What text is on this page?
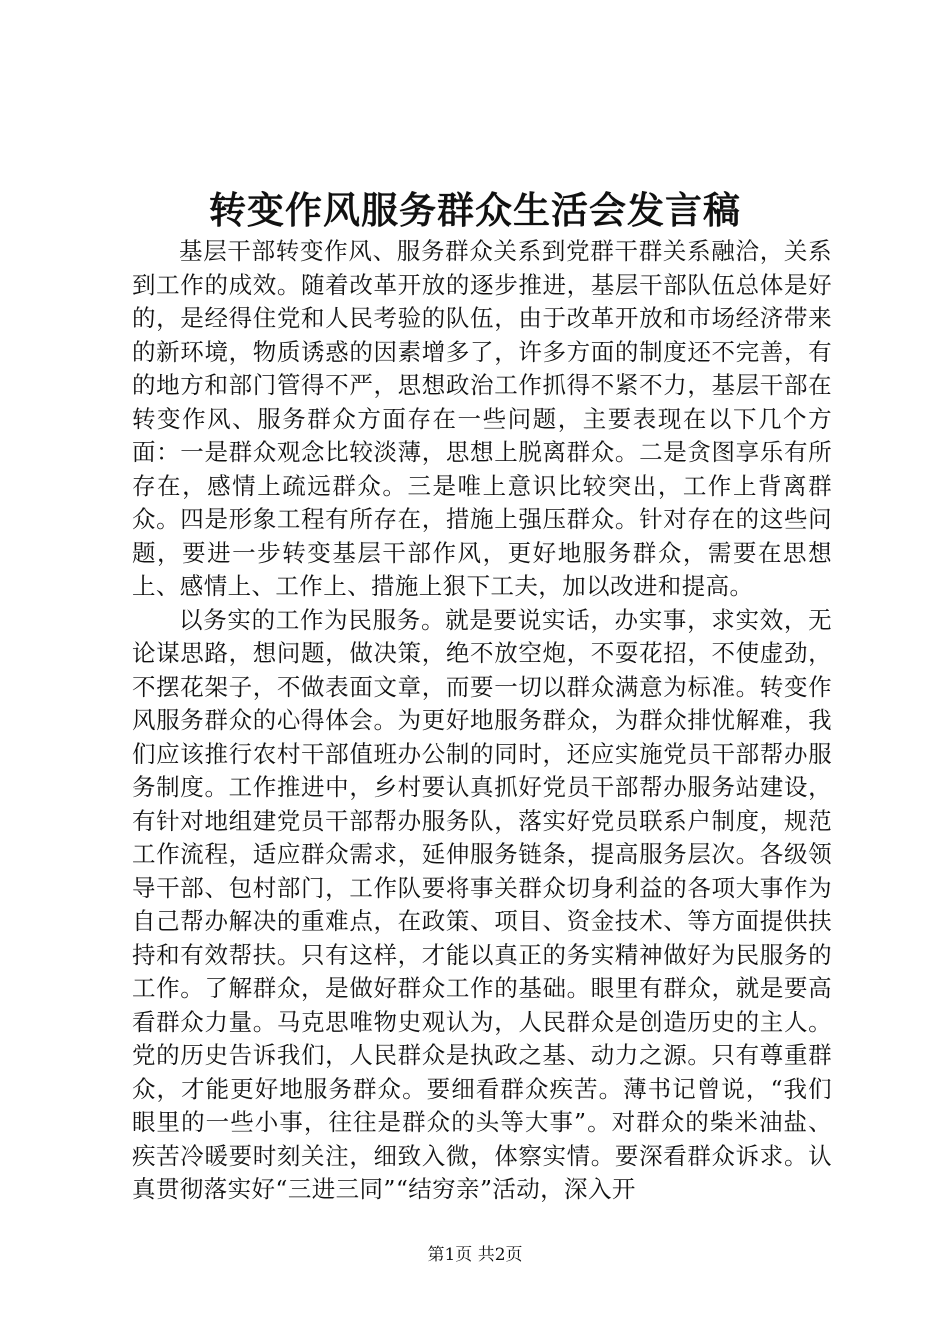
转变作风服务群众生活会发言稿

基层干部转变作风、服务群众关系到党群干群关系融洽，关系到工作的成效。随着改革开放的逐步推进，基层干部队伍总体是好的，是经得住党和人民考验的队伍，由于改革开放和市场经济带来的新环境，物质诱惑的因素增多了，许多方面的制度还不完善，有的地方和部门管得不严，思想政治工作抓得不紧不力，基层干部在转变作风、服务群众方面存在一些问题，主要表现在以下几个方面：一是群众观念比较淡薄，思想上脱离群众。二是贪图享乐有所存在，感情上疏远群众。三是唯上意识比较突出，工作上背离群众。四是形象工程有所存在，措施上强压群众。针对存在的这些问题，要进一步转变基层干部作风，更好地服务群众，需要在思想上、感情上、工作上、措施上狠下工夫，加以改进和提高。

以务实的工作为民服务。就是要说实话，办实事，求实效，无论谋思路，想问题，做决策，绝不放空炮，不耍花招，不使虚劲，不摆花架子，不做表面文章，而要一切以群众满意为标准。转变作风服务群众的心得体会。为更好地服务群众，为群众排忧解难，我们应该推行农村干部值班办公制的同时，还应实施党员干部帮办服务制度。工作推进中，乡村要认真抓好党员干部帮办服务站建设，有针对地组建党员干部帮办服务队，落实好党员联系户制度，规范工作流程，适应群众需求，延伸服务链条，提高服务层次。各级领导干部、包村部门，工作队要将事关群众切身利益的各项大事作为自己帮办解决的重难点，在政策、项目、资金技术、等方面提供扶持和有效帮扶。只有这样，才能以真正的务实精神做好为民服务的工作。了解群众，是做好群众工作的基础。眼里有群众，就是要高看群众力量。马克思唯物史观认为，人民群众是创造历史的主人。党的历史告诉我们，人民群众是执政之基、动力之源。只有尊重群众，才能更好地服务群众。要细看群众疾苦。薄书记曾说，“我们眼里的一些小事，往往是群众的头等大事”。对群众的柴米油盐、疾苦冷暖要时刻关注，细致入微，体察实情。要深看群众诉求。认真贯彻落实好“三进三同”“结穷亲”活动，深入开

第1页 共2页
